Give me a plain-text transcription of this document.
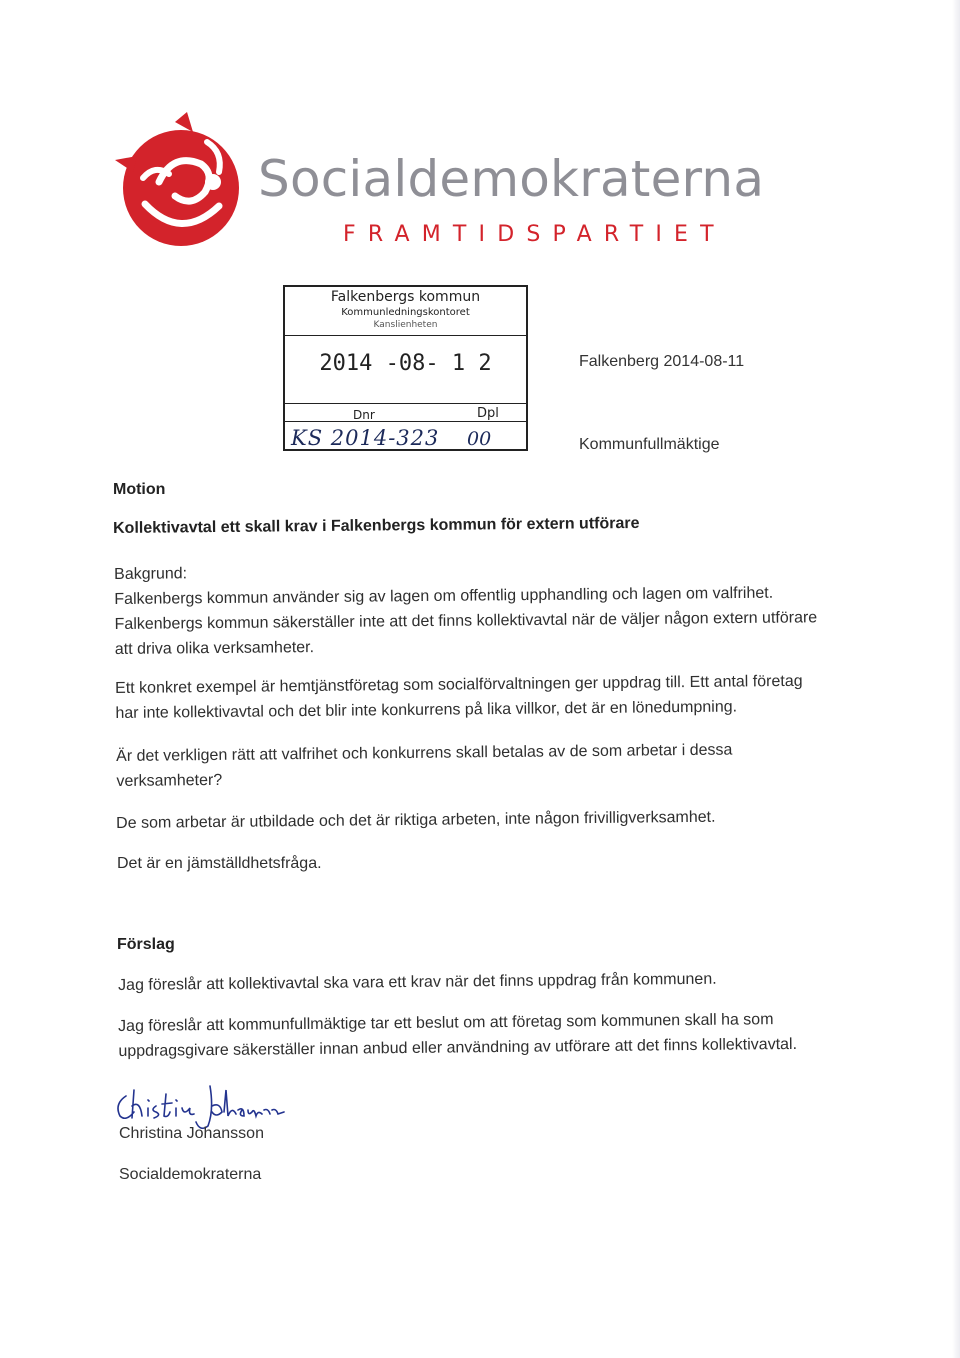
Socialdemokraterna
FRAMTIDSPARTIET
Falkenbergs kommun
Kommunledningskontoret
Kanslienheten
2014 -08- 1 2
Dnr	Dpl
KS 2014-323 00
Falkenberg 2014-08-11
Kommunfullmäktige
Motion
Kollektivavtal ett skall krav i Falkenbergs kommun för extern utförare
Bakgrund:
Falkenbergs kommun använder sig av lagen om offentlig upphandling och lagen om valfrihet.
Falkenbergs kommun säkerställer inte att det finns kollektivavtal när de väljer någon extern utförare
att driva olika verksamheter.
Ett konkret exempel är hemtjänstföretag som socialförvaltningen ger uppdrag till. Ett antal företag
har inte kollektivavtal och det blir inte konkurrens på lika villkor, det är en lönedumpning.
Är det verkligen rätt att valfrihet och konkurrens skall betalas av de som arbetar i dessa
verksamheter?
De som arbetar är utbildade och det är riktiga arbeten, inte någon frivilligverksamhet.
Det är en jämställdhetsfråga.
Förslag
Jag föreslår att kollektivavtal ska vara ett krav när det finns uppdrag från kommunen.
Jag föreslår att kommunfullmäktige tar ett beslut om att företag som kommunen skall ha som
uppdragsgivare säkerställer innan anbud eller användning av utförare att det finns kollektivavtal.
Christina Johansson
Socialdemokraterna
